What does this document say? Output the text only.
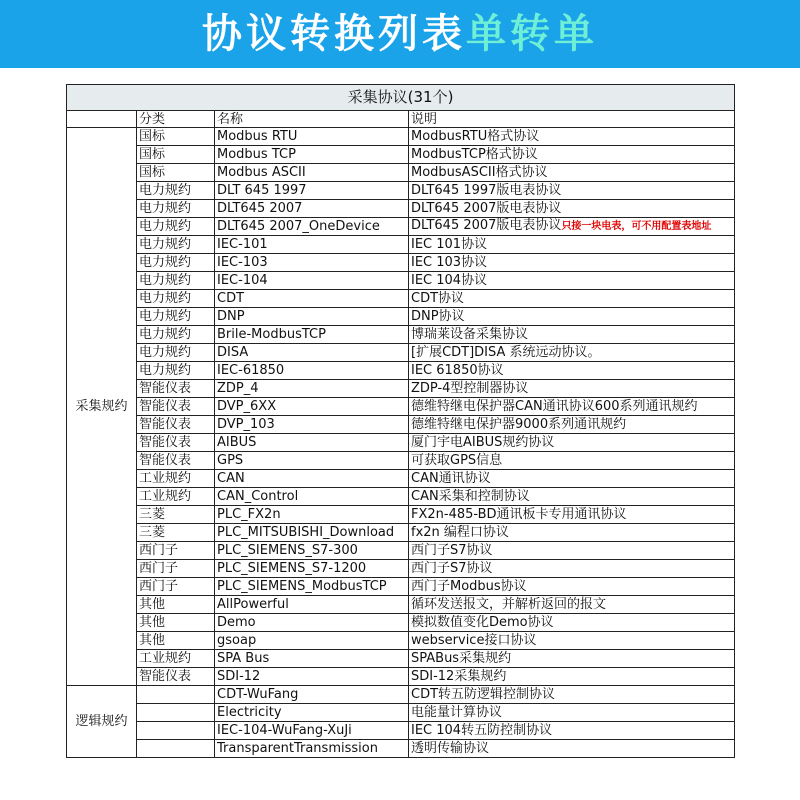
协议转换列表单转单
采集协议(31个)			
	分类	名称	说明
采集规约	国标	Modbus RTU	ModbusRTU格式协议
	国标	Modbus TCP	ModbusTCP格式协议
	国标	Modbus ASCII	ModbusASCII格式协议
	电力规约	DLT 645 1997	DLT645 1997版电表协议
	电力规约	DLT645 2007	DLT645 2007版电表协议
	电力规约	DLT645 2007_OneDevice	DLT645 2007版电表协议只接一块电表，可不用配置表地址
	电力规约	IEC-101	IEC 101协议
	电力规约	IEC-103	IEC 103协议
	电力规约	IEC-104	IEC 104协议
	电力规约	CDT	CDT协议
	电力规约	DNP	DNP协议
	电力规约	Brile-ModbusTCP	博瑞莱设备采集协议
	电力规约	DISA	[扩展CDT]DISA 系统远动协议。
	电力规约	IEC-61850	IEC 61850协议
	智能仪表	ZDP_4	ZDP-4型控制器协议
	智能仪表	DVP_6XX	德维特继电保护器CAN通讯协议600系列通讯规约
	智能仪表	DVP_103	德维特继电保护器9000系列通讯规约
	智能仪表	AIBUS	厦门宇电AIBUS规约协议
	智能仪表	GPS	可获取GPS信息
	工业规约	CAN	CAN通讯协议
	工业规约	CAN_Control	CAN采集和控制协议
	三菱	PLC_FX2n	FX2n-485-BD通讯板卡专用通讯协议
	三菱	PLC_MITSUBISHI_Download	fx2n 编程口协议
	西门子	PLC_SIEMENS_S7-300	西门子S7协议
	西门子	PLC_SIEMENS_S7-1200	西门子S7协议
	西门子	PLC_SIEMENS_ModbusTCP	西门子Modbus协议
	其他	AllPowerful	循环发送报文，并解析返回的报文
	其他	Demo	模拟数值变化Demo协议
	其他	gsoap	webservice接口协议
	工业规约	SPA Bus	SPABus采集规约
	智能仪表	SDI-12	SDI-12采集规约
逻辑规约		CDT-WuFang	CDT转五防逻辑控制协议
		Electricity	电能量计算协议
		IEC-104-WuFang-XuJi	IEC 104转五防控制协议
		TransparentTransmission	透明传输协议
